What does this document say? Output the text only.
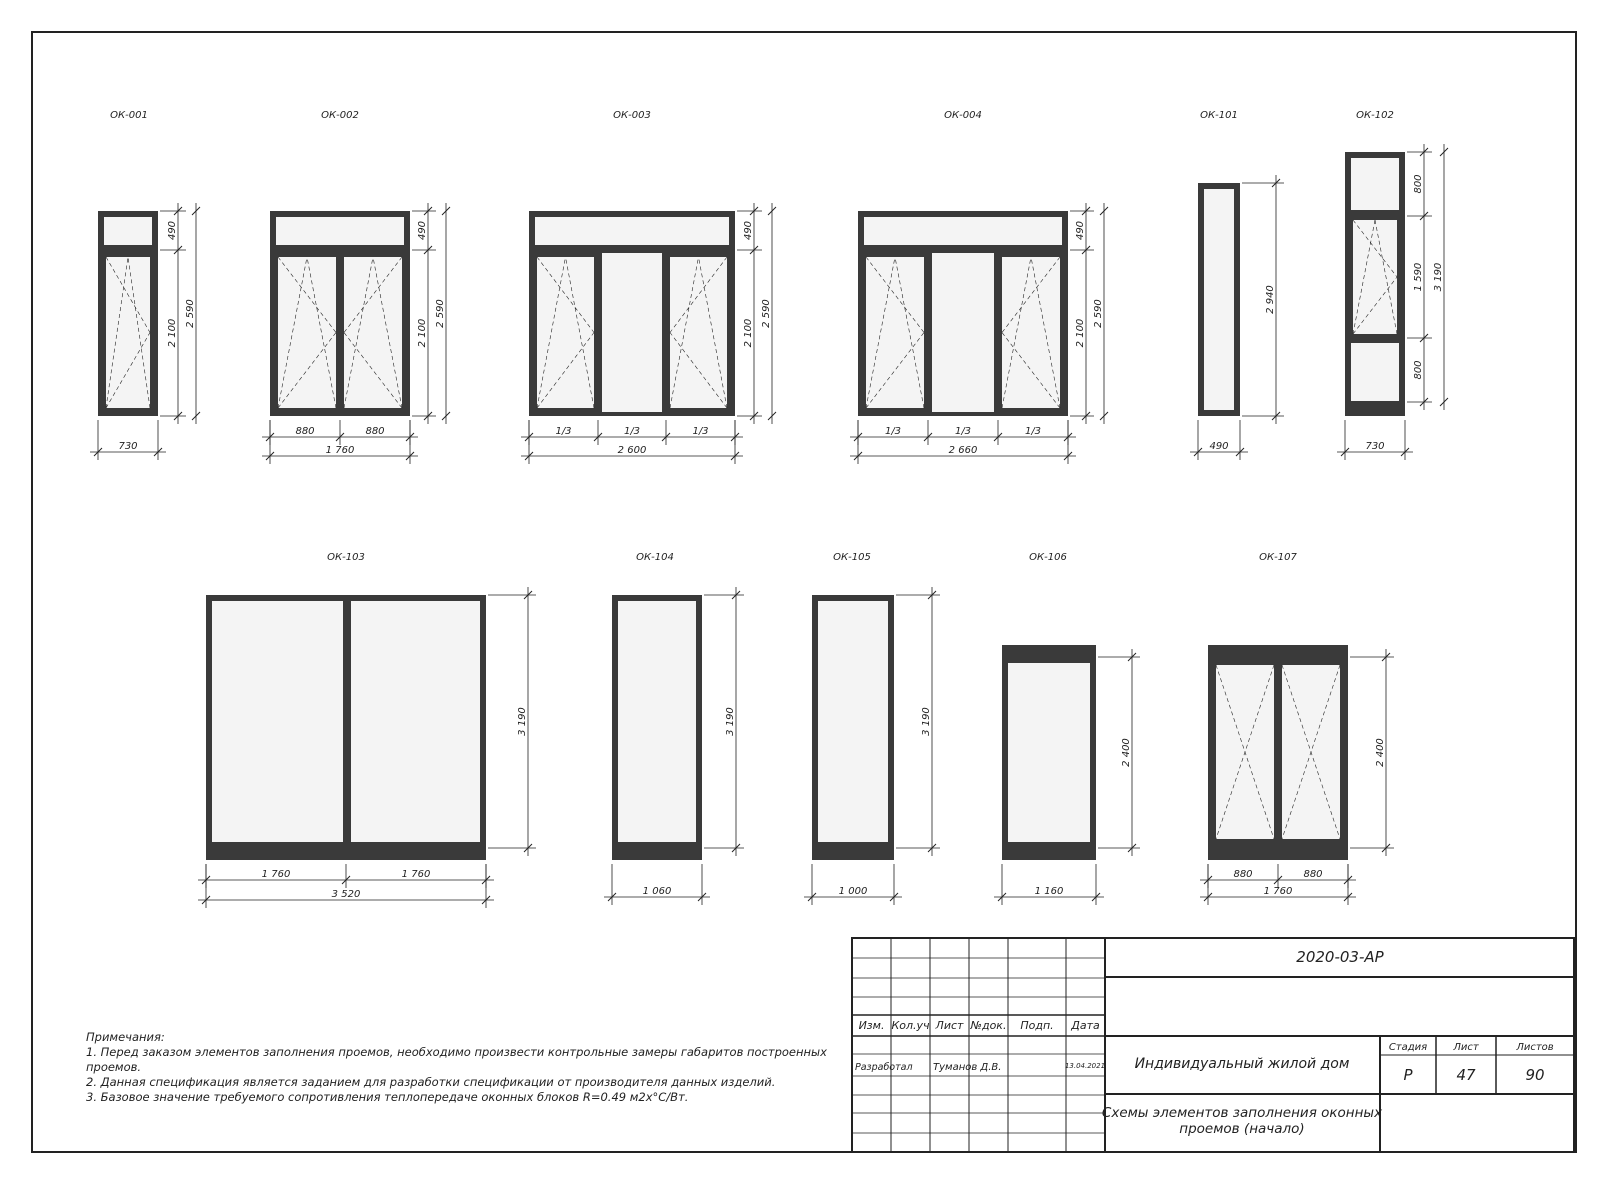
490
2 100
2 590
730
ОК-001
490
2 100
2 590
880	880
1 760
ОК-002
490
2 100
2 590
1/3	1/3	1/3
2 600
ОК-003
490
2 100
2 590
1/3	1/3	1/3
2 660
ОК-004
2 940
490
ОК-101
800
1 590
800
3 190
730
ОК-102
3 190
1 760	1 760
3 520
ОК-103
3 190
1 060
ОК-104
3 190
1 000
ОК-105
2 400
1 160
ОК-106
2 400
880	880
1 760
ОК-107
Изм. Кол.уч Лист №док. Подп. Дата
Разработал Туманов Д.В.	13.04.2021
2020-03-АР
Индивидуальный жилой дом
Схемы элементов заполнения оконных
проемов (начало)
Стадия	Лист	Листов
Р	47	90
Примечания:
1. Перед заказом элементов заполнения проемов, необходимо произвести контрольные замеры габаритов построенных проемов.
2. Данная спецификация является заданием для разработки спецификации от производителя данных изделий.
3. Базовое значение требуемого сопротивления теплопередаче оконных блоков R=0.49 м2х°С/Вт.
